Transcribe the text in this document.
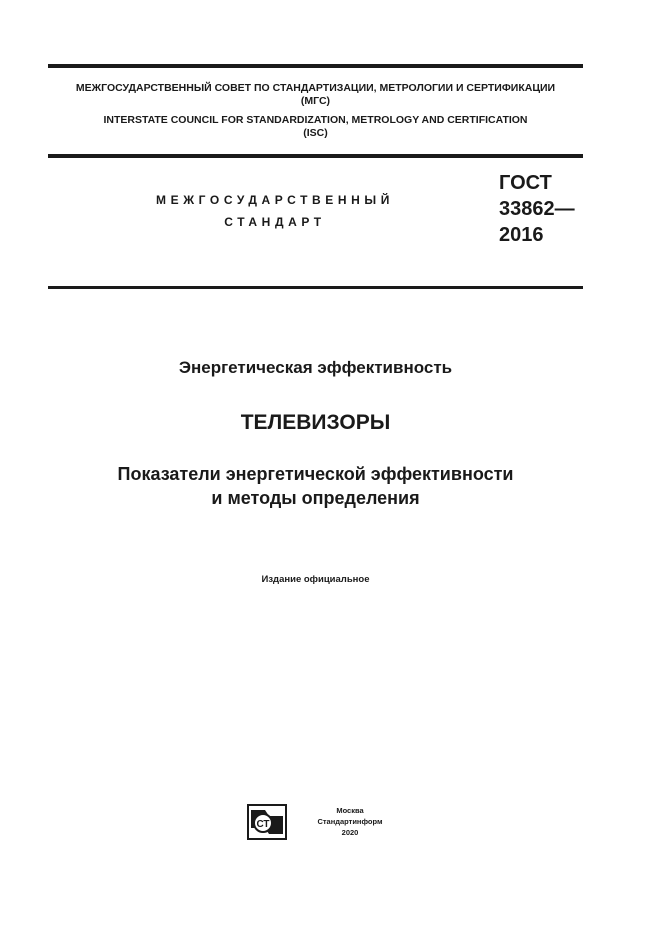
МЕЖГОСУДАРСТВЕННЫЙ СОВЕТ ПО СТАНДАРТИЗАЦИИ, МЕТРОЛОГИИ И СЕРТИФИКАЦИИ
(МГС)
INTERSTATE COUNCIL FOR STANDARDIZATION, METROLOGY AND CERTIFICATION
(ISC)
МЕЖГОСУДАРСТВЕННЫЙ
СТАНДАРТ
ГОСТ
33862—
2016
Энергетическая эффективность
ТЕЛЕВИЗОРЫ
Показатели энергетической эффективности
и методы определения
Издание официальное
СТ
Москва
Стандартинформ
2020
